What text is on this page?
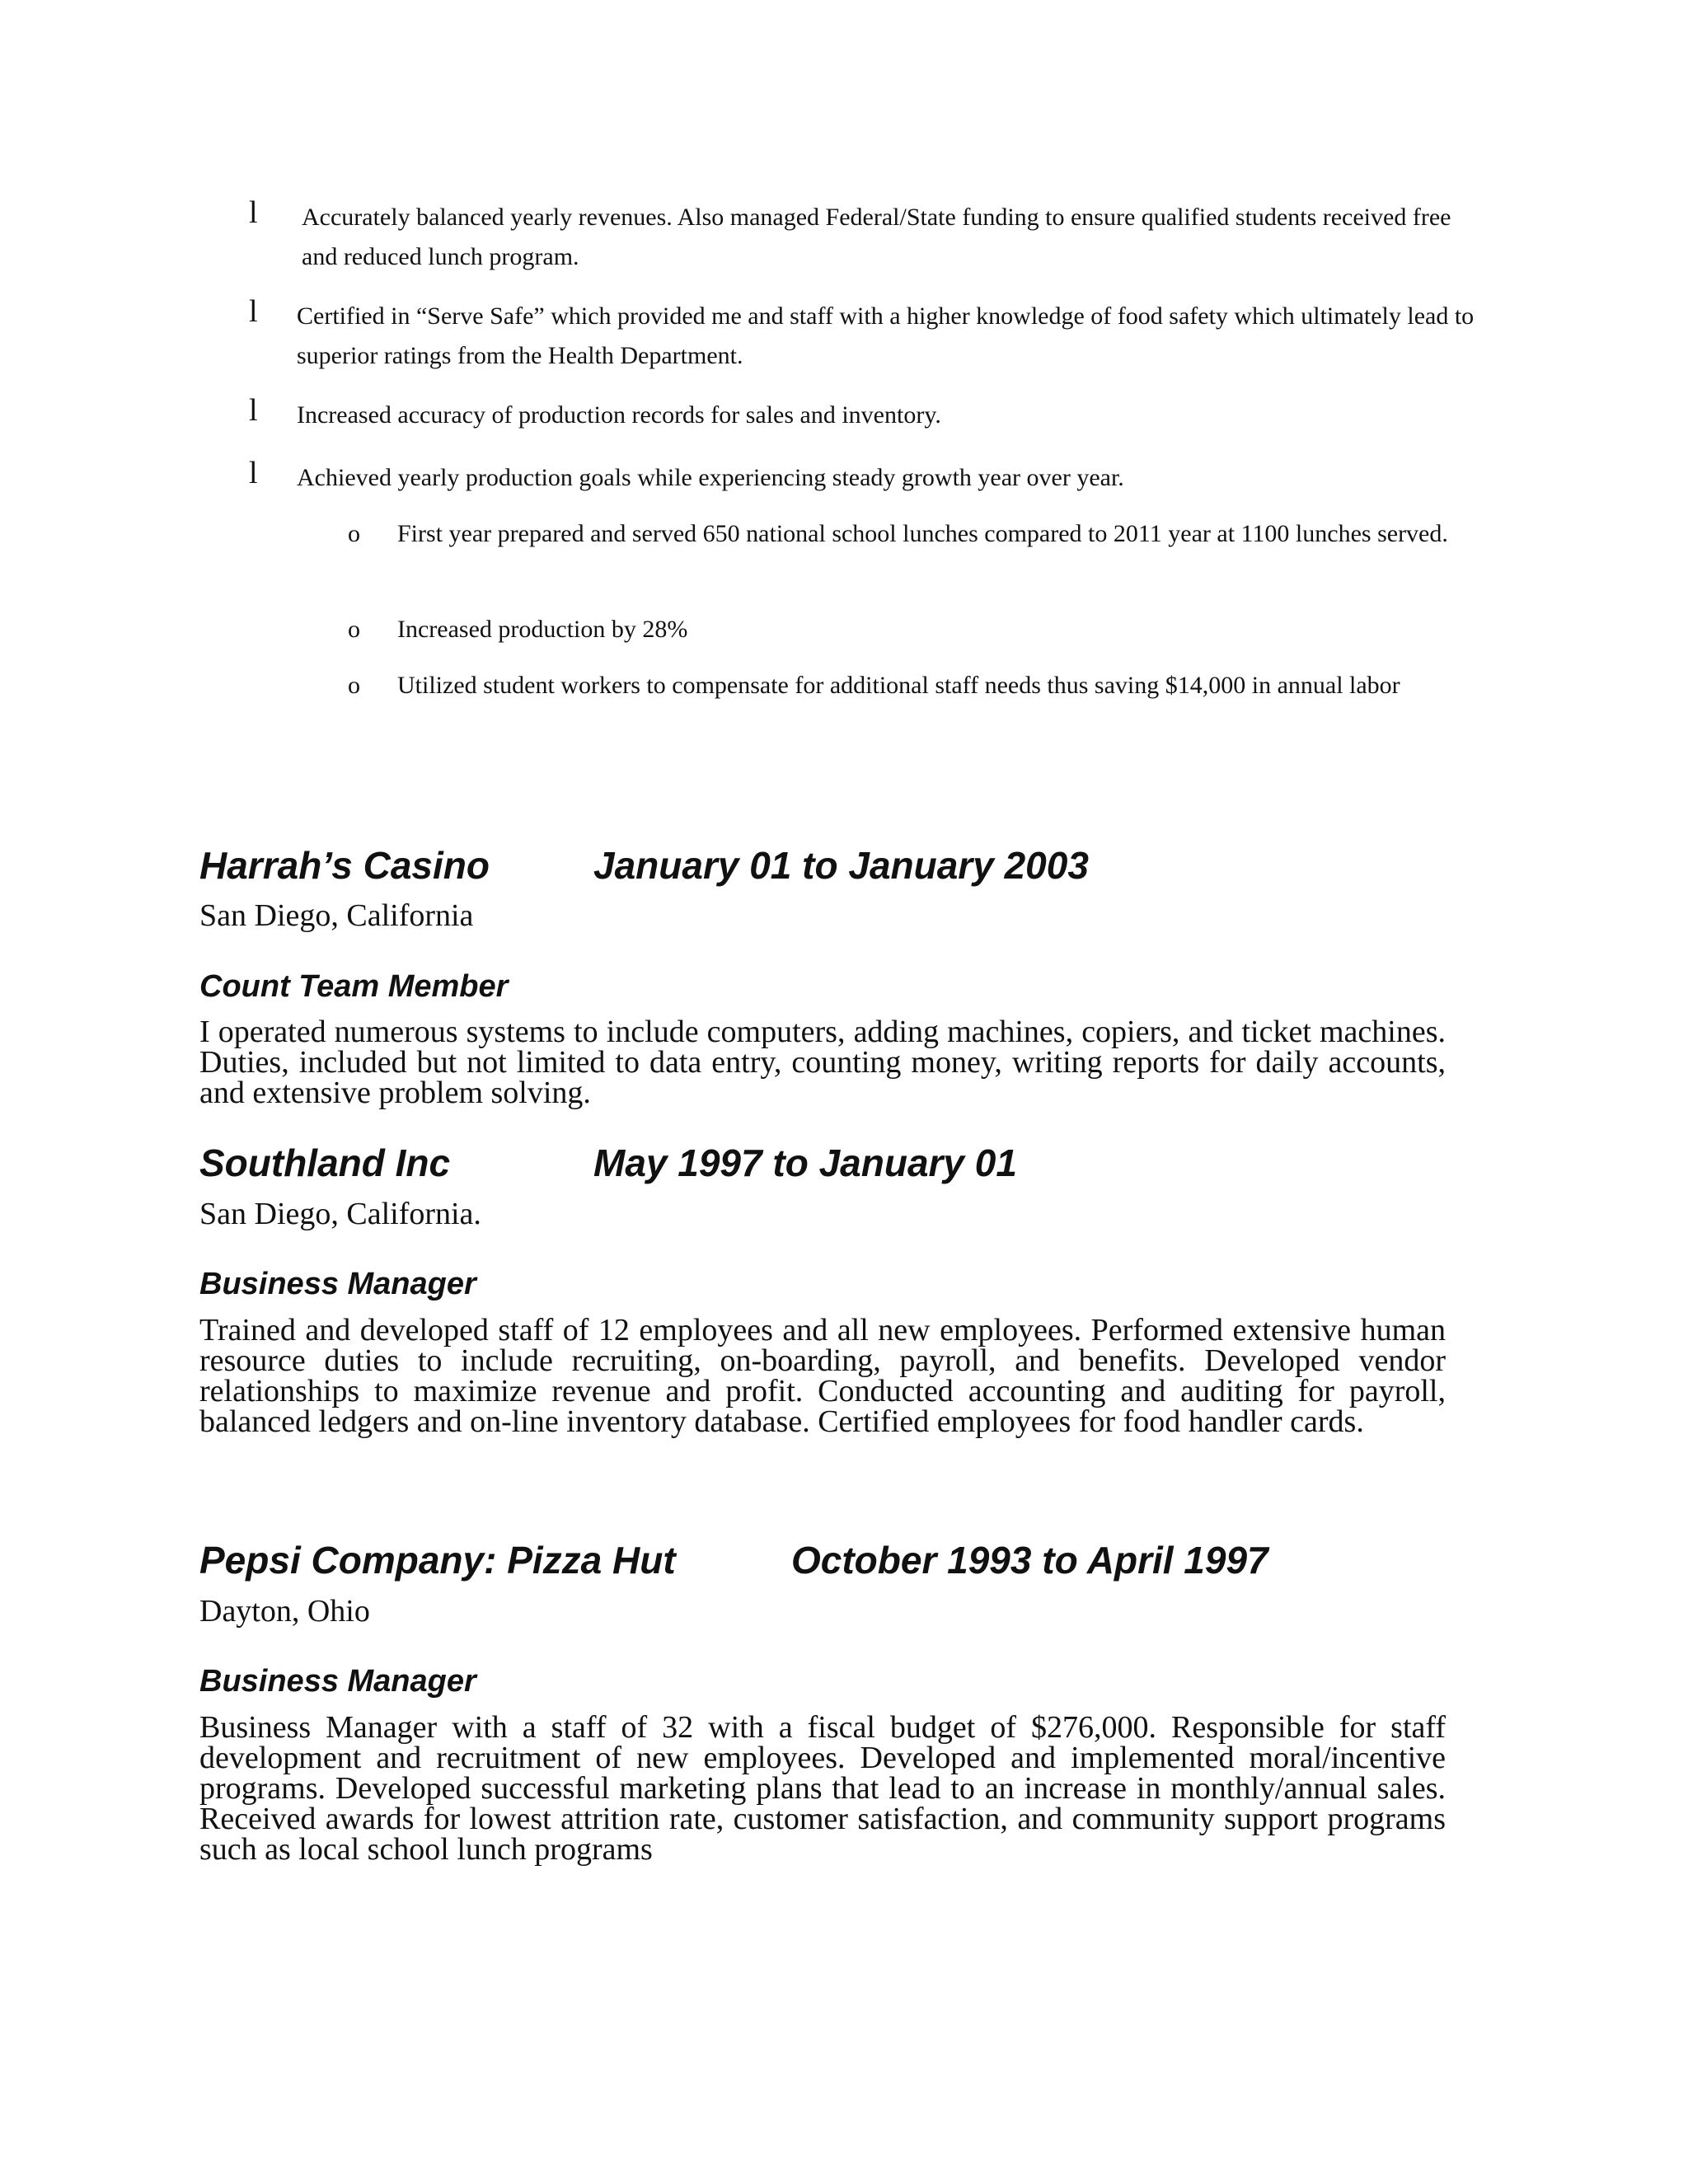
l Accurately balanced yearly revenues. Also managed Federal/State funding to ensure qualified students received free and reduced lunch program.
l Certified in “Serve Safe” which provided me and staff with a higher knowledge of food safety which ultimately lead to superior ratings from the Health Department.
l Increased accuracy of production records for sales and inventory.
l Achieved yearly production goals while experiencing steady growth year over year.
o First year prepared and served 650 national school lunches compared to 2011 year at 1100 lunches served.
o Increased production by 28%
o Utilized student workers to compensate for additional staff needs thus saving $14,000 in annual labor
Harrah’s Casino	January 01 to January 2003
San Diego, California
Count Team Member
I operated numerous systems to include computers, adding machines, copiers, and ticket machines. Duties, included but not limited to data entry, counting money, writing reports for daily accounts, and extensive problem solving.
Southland Inc	May 1997 to January 01
San Diego, California.
Business Manager
Trained and developed staff of 12 employees and all new employees. Performed extensive human resource duties to include recruiting, on-boarding, payroll, and benefits. Developed vendor relationships to maximize revenue and profit. Conducted accounting and auditing for payroll, balanced ledgers and on-line inventory database. Certified employees for food handler cards.
Pepsi Company: Pizza Hut	October 1993 to April 1997
Dayton, Ohio
Business Manager
Business Manager with a staff of 32 with a fiscal budget of $276,000. Responsible for staff development and recruitment of new employees. Developed and implemented moral/incentive programs. Developed successful marketing plans that lead to an increase in monthly/annual sales. Received awards for lowest attrition rate, customer satisfaction, and community support programs such as local school lunch programs
